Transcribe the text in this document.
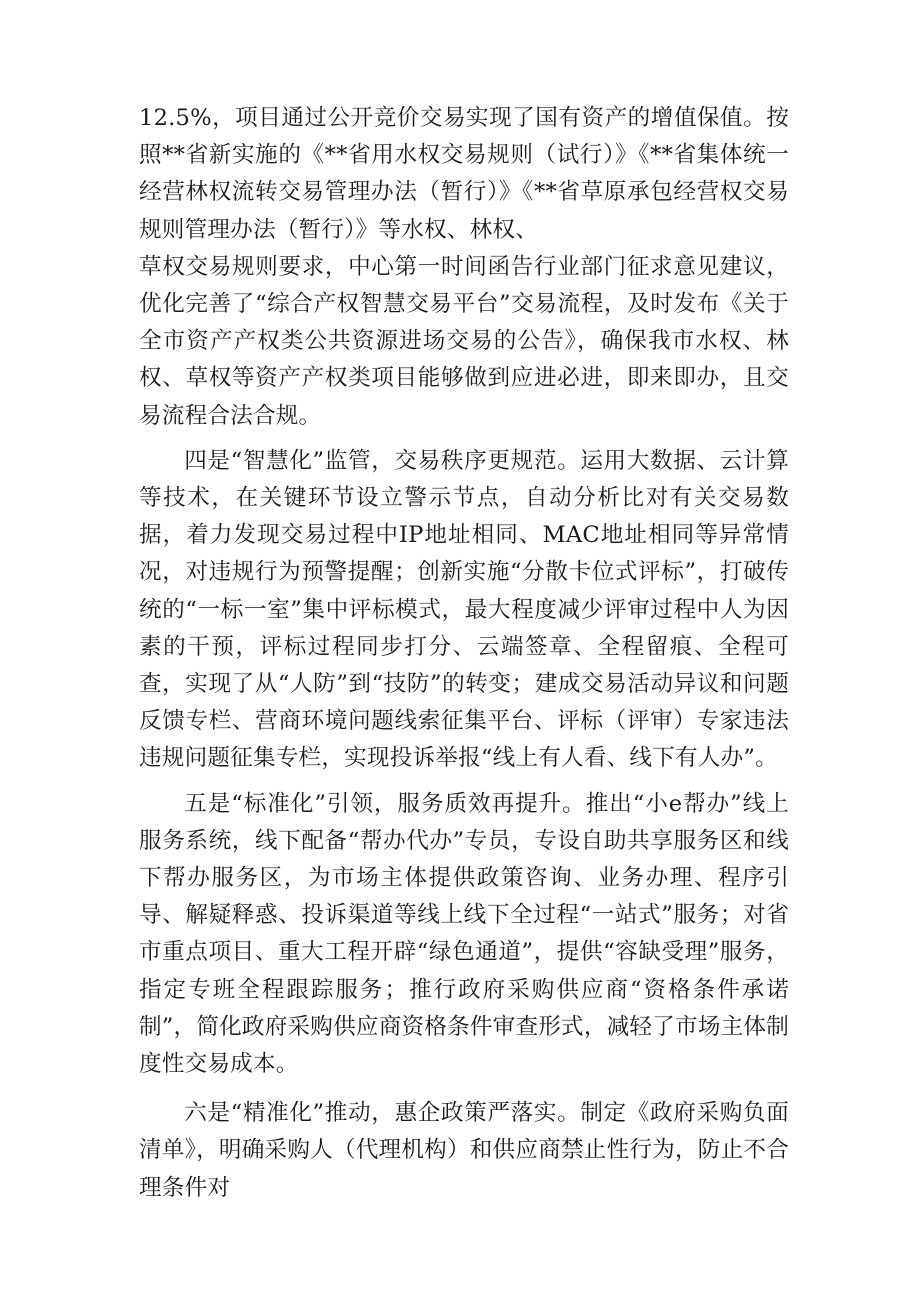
12.5%，项目通过公开竞价交易实现了国有资产的增值保值。按照**省新实施的《**省用水权交易规则（试行）》《**省集体统一经营林权流转交易管理办法（暂行）》《**省草原承包经营权交易规则管理办法（暂行）》等水权、林权、

草权交易规则要求，中心第一时间函告行业部门征求意见建议，优化完善了“综合产权智慧交易平台”交易流程，及时发布《关于全市资产产权类公共资源进场交易的公告》，确保我市水权、林权、草权等资产产权类项目能够做到应进必进，即来即办，且交易流程合法合规。

四是“智慧化”监管，交易秩序更规范。运用大数据、云计算等技术，在关键环节设立警示节点，自动分析比对有关交易数据，着力发现交易过程中IP地址相同、MAC地址相同等异常情况，对违规行为预警提醒；创新实施“分散卡位式评标”，打破传统的“一标一室”集中评标模式，最大程度减少评审过程中人为因素的干预，评标过程同步打分、云端签章、全程留痕、全程可查，实现了从“人防”到“技防”的转变；建成交易活动异议和问题反馈专栏、营商环境问题线索征集平台、评标（评审）专家违法违规问题征集专栏，实现投诉举报“线上有人看、线下有人办”。

五是“标准化”引领，服务质效再提升。推出“小e帮办”线上服务系统，线下配备“帮办代办”专员，专设自助共享服务区和线下帮办服务区，为市场主体提供政策咨询、业务办理、程序引导、解疑释惑、投诉渠道等线上线下全过程“一站式”服务；对省市重点项目、重大工程开辟“绿色通道”，提供“容缺受理”服务，指定专班全程跟踪服务；推行政府采购供应商“资格条件承诺制”，简化政府采购供应商资格条件审查形式，减轻了市场主体制度性交易成本。

六是“精准化”推动，惠企政策严落实。制定《政府采购负面清单》，明确采购人（代理机构）和供应商禁止性行为，防止不合理条件对
